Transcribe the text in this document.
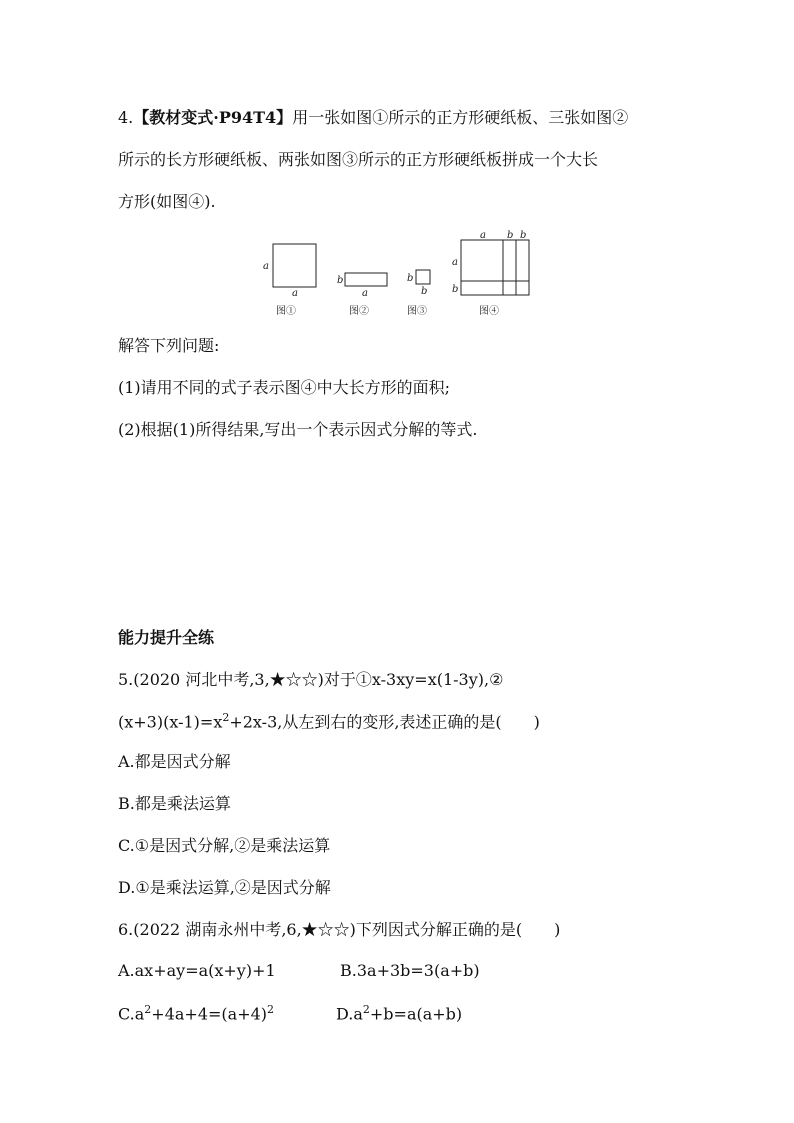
4.【教材变式·P94T4】用一张如图①所示的正方形硬纸板、三张如图②
所示的长方形硬纸板、两张如图③所示的正方形硬纸板拼成一个大长
方形(如图④).
a
a
图①
b
a
图②
b
b
图③
a b b
a
b
图④
解答下列问题:
(1)请用不同的式子表示图④中大长方形的面积;
(2)根据(1)所得结果,写出一个表示因式分解的等式.
能力提升全练
5.(2020 河北中考,3,★☆☆)对于①x-3xy=x(1-3y),②
$(x+3)(x-1)=x^2+2x-3$,从左到右的变形,表述正确的是(　　)
A.都是因式分解
B.都是乘法运算
C.①是因式分解,②是乘法运算
D.①是乘法运算,②是因式分解
6.(2022 湖南永州中考,6,★☆☆)下列因式分解正确的是(　　)
A.ax+ay=a(x+y)+1	B.3a+3b=3(a+b)
$C.a^2+4a+4=(a+4)^2$	$D.a^2+b=a(a+b)$
